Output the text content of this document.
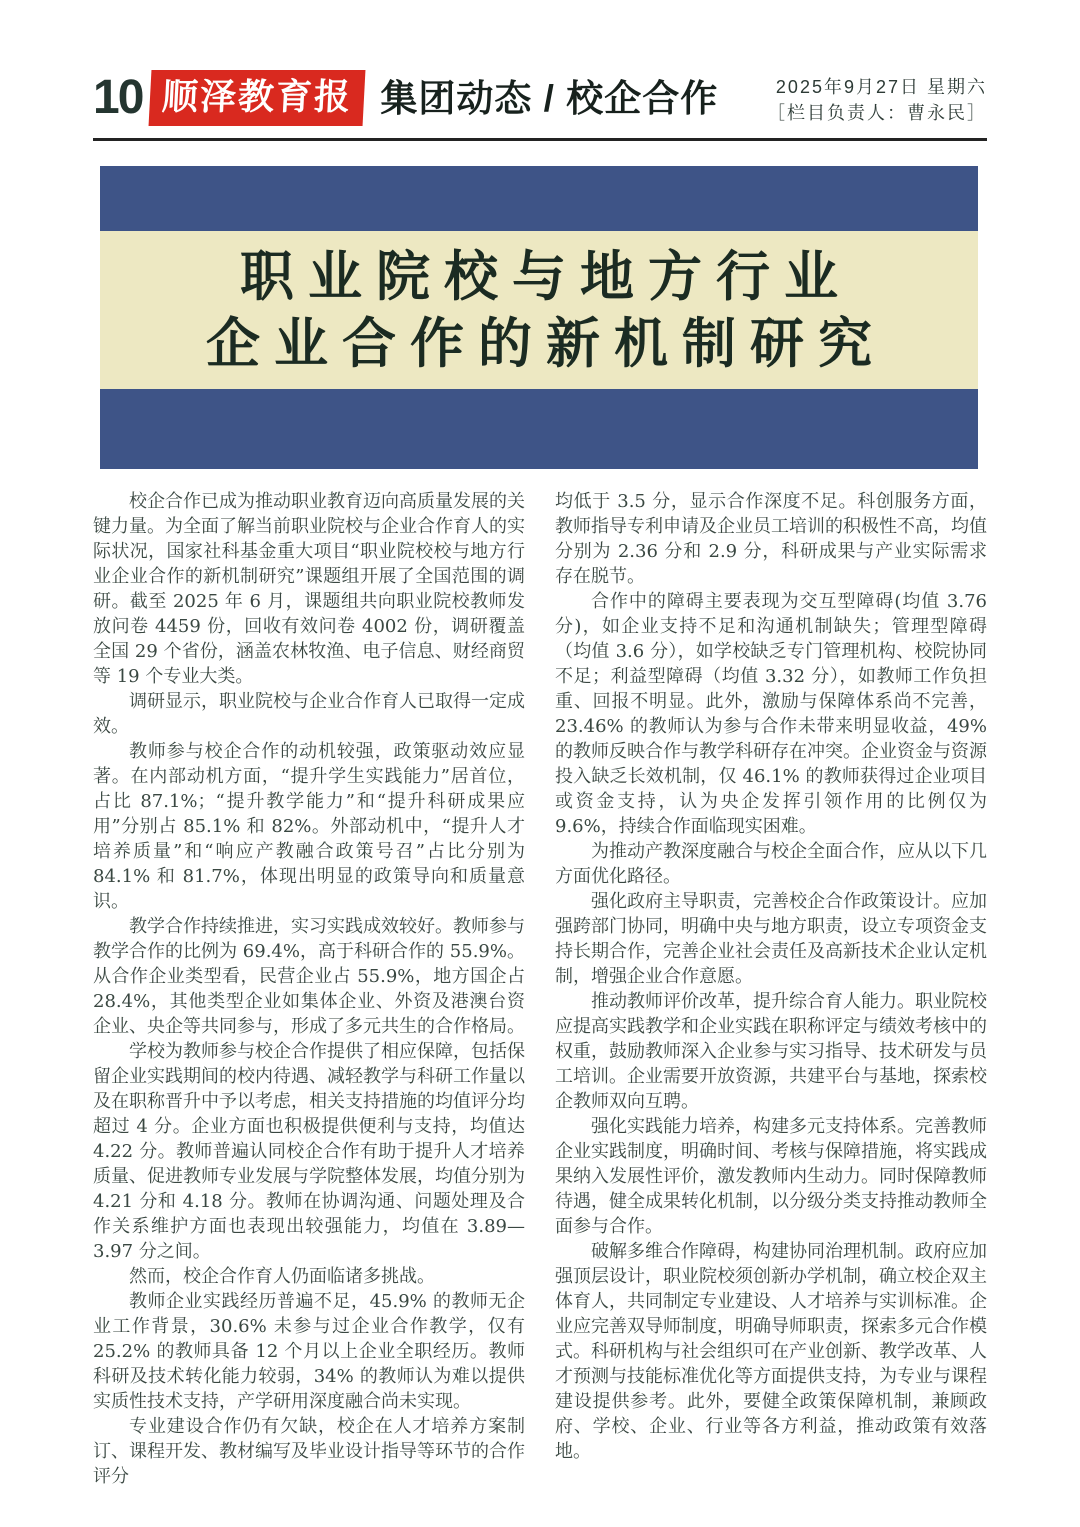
10 顺泽教育报 集团动态 / 校企合作	2025年9月27日 星期六
［栏目负责人：曹永民］
职业院校与地方行业
企业合作的新机制研究

校企合作已成为推动职业教育迈向高质量发展的关键力量。为全面了解当前职业院校与企业合作育人的实际状况，国家社科基金重大项目“职业院校校与地方行业企业合作的新机制研究”课题组开展了全国范围的调研。截至 2025 年 6 月，课题组共向职业院校教师发放问卷 4459 份，回收有效问卷 4002 份，调研覆盖全国 29 个省份，涵盖农林牧渔、电子信息、财经商贸等 19 个专业大类。

调研显示，职业院校与企业合作育人已取得一定成效。

教师参与校企合作的动机较强，政策驱动效应显著。在内部动机方面，“提升学生实践能力”居首位，占比 87.1%；“提升教学能力”和“提升科研成果应用”分别占 85.1% 和 82%。外部动机中，“提升人才培养质量”和“响应产教融合政策号召”占比分别为 84.1% 和 81.7%，体现出明显的政策导向和质量意识。

教学合作持续推进，实习实践成效较好。教师参与教学合作的比例为 69.4%，高于科研合作的 55.9%。从合作企业类型看，民营企业占 55.9%，地方国企占 28.4%，其他类型企业如集体企业、外资及港澳台资企业、央企等共同参与，形成了多元共生的合作格局。

学校为教师参与校企合作提供了相应保障，包括保留企业实践期间的校内待遇、减轻教学与科研工作量以及在职称晋升中予以考虑，相关支持措施的均值评分均超过 4 分。企业方面也积极提供便利与支持，均值达 4.22 分。教师普遍认同校企合作有助于提升人才培养质量、促进教师专业发展与学院整体发展，均值分别为 4.21 分和 4.18 分。教师在协调沟通、问题处理及合作关系维护方面也表现出较强能力，均值在 3.89—3.97 分之间。

然而，校企合作育人仍面临诸多挑战。

教师企业实践经历普遍不足，45.9% 的教师无企业工作背景，30.6% 未参与过企业合作教学，仅有 25.2% 的教师具备 12 个月以上企业全职经历。教师科研及技术转化能力较弱，34% 的教师认为难以提供实质性技术支持，产学研用深度融合尚未实现。

专业建设合作仍有欠缺，校企在人才培养方案制订、课程开发、教材编写及毕业设计指导等环节的合作评分

均低于 3.5 分，显示合作深度不足。科创服务方面，教师指导专利申请及企业员工培训的积极性不高，均值分别为 2.36 分和 2.9 分，科研成果与产业实际需求存在脱节。

合作中的障碍主要表现为交互型障碍(均值 3.76 分)，如企业支持不足和沟通机制缺失；管理型障碍（均值 3.6 分），如学校缺乏专门管理机构、校院协同不足；利益型障碍（均值 3.32 分），如教师工作负担重、回报不明显。此外，激励与保障体系尚不完善，23.46% 的教师认为参与合作未带来明显收益，49% 的教师反映合作与教学科研存在冲突。企业资金与资源投入缺乏长效机制，仅 46.1% 的教师获得过企业项目或资金支持，认为央企发挥引领作用的比例仅为 9.6%，持续合作面临现实困难。

为推动产教深度融合与校企全面合作，应从以下几方面优化路径。

强化政府主导职责，完善校企合作政策设计。应加强跨部门协同，明确中央与地方职责，设立专项资金支持长期合作，完善企业社会责任及高新技术企业认定机制，增强企业合作意愿。

推动教师评价改革，提升综合育人能力。职业院校应提高实践教学和企业实践在职称评定与绩效考核中的权重，鼓励教师深入企业参与实习指导、技术研发与员工培训。企业需要开放资源，共建平台与基地，探索校企教师双向互聘。

强化实践能力培养，构建多元支持体系。完善教师企业实践制度，明确时间、考核与保障措施，将实践成果纳入发展性评价，激发教师内生动力。同时保障教师待遇，健全成果转化机制，以分级分类支持推动教师全面参与合作。

破解多维合作障碍，构建协同治理机制。政府应加强顶层设计，职业院校须创新办学机制，确立校企双主体育人，共同制定专业建设、人才培养与实训标准。企业应完善双导师制度，明确导师职责，探索多元合作模式。科研机构与社会组织可在产业创新、教学改革、人才预测与技能标准优化等方面提供支持，为专业与课程建设提供参考。此外，要健全政策保障机制，兼顾政府、学校、企业、行业等各方利益，推动政策有效落地。
